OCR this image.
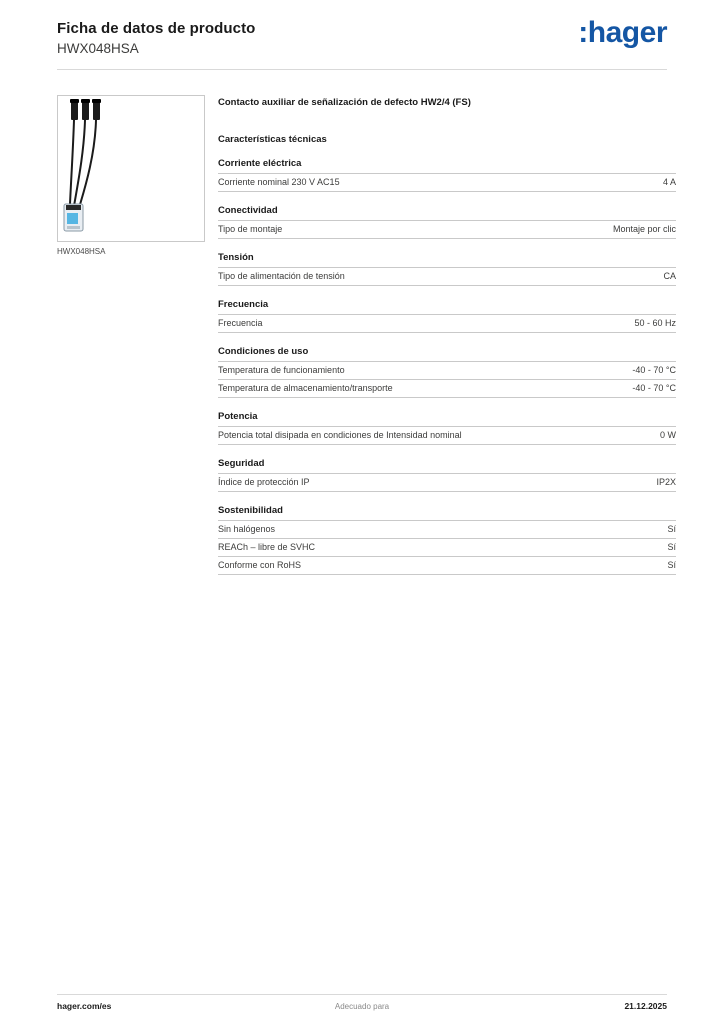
Ficha de datos de producto
HWX048HSA	:hager
HWX048HSA
Contacto auxiliar de señalización de defecto HW2/4 (FS)
Características técnicas
Corriente eléctrica
Corriente nominal 230 V AC15	4 A
Conectividad
Tipo de montaje	Montaje por clic
Tensión
Tipo de alimentación de tensión	CA
Frecuencia
Frecuencia	50 - 60 Hz
Condiciones de uso
Temperatura de funcionamiento	-40 - 70 °C
Temperatura de almacenamiento/transporte	-40 - 70 °C
Potencia
Potencia total disipada en condiciones de Intensidad nominal	0 W
Seguridad
Índice de protección IP	IP2X
Sostenibilidad
Sin halógenos	Sí
REACh – libre de SVHC	Sí
Conforme con RoHS	Sí
hager.com/es	Adecuado para	21.12.2025
